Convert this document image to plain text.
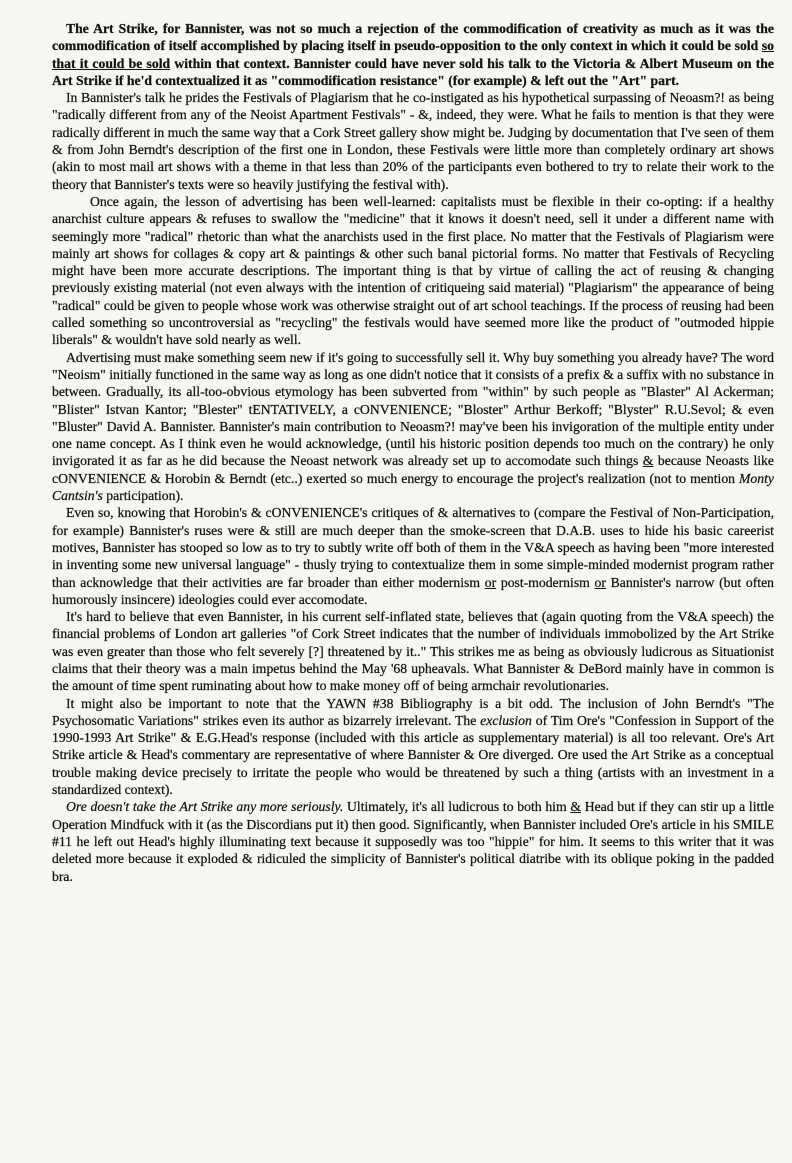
The Art Strike, for Bannister, was not so much a rejection of the commodification of creativity as much as it was the commodification of itself accomplished by placing itself in pseudo-opposition to the only context in which it could be sold so that it could be sold within that context. Bannister could have never sold his talk to the Victoria & Albert Museum on the Art Strike if he'd contextualized it as "commodification resistance" (for example) & left out the "Art" part.

In Bannister's talk he prides the Festivals of Plagiarism that he co-instigated as his hypothetical surpassing of Neoasm?! as being "radically different from any of the Neoist Apartment Festivals" - &, indeed, they were. What he fails to mention is that they were radically different in much the same way that a Cork Street gallery show might be. Judging by documentation that I've seen of them & from John Berndt's description of the first one in London, these Festivals were little more than completely ordinary art shows (akin to most mail art shows with a theme in that less than 20% of the participants even bothered to try to relate their work to the theory that Bannister's texts were so heavily justifying the festival with).

Once again, the lesson of advertising has been well-learned: capitalists must be flexible in their co-opting: if a healthy anarchist culture appears & refuses to swallow the "medicine" that it knows it doesn't need, sell it under a different name with seemingly more "radical" rhetoric than what the anarchists used in the first place. No matter that the Festivals of Plagiarism were mainly art shows for collages & copy art & paintings & other such banal pictorial forms. No matter that Festivals of Recycling might have been more accurate descriptions. The important thing is that by virtue of calling the act of reusing & changing previously existing material (not even always with the intention of critiqueing said material) "Plagiarism" the appearance of being "radical" could be given to people whose work was otherwise straight out of art school teachings. If the process of reusing had been called something so uncontroversial as "recycling" the festivals would have seemed more like the product of "outmoded hippie liberals" & wouldn't have sold nearly as well.

Advertising must make something seem new if it's going to successfully sell it. Why buy something you already have? The word "Neoism" initially functioned in the same way as long as one didn't notice that it consists of a prefix & a suffix with no substance in between. Gradually, its all-too-obvious etymology has been subverted from "within" by such people as "Blaster" Al Ackerman; "Blister" Istvan Kantor; "Blester" tENTATIVELY, a cONVENIENCE; "Bloster" Arthur Berkoff; "Blyster" R.U.Sevol; & even "Bluster" David A. Bannister. Bannister's main contribution to Neoasm?! may've been his invigoration of the multiple entity under one name concept. As I think even he would acknowledge, (until his historic position depends too much on the contrary) he only invigorated it as far as he did because the Neoast network was already set up to accomodate such things & because Neoasts like cONVENIENCE & Horobin & Berndt (etc..) exerted so much energy to encourage the project's realization (not to mention Monty Cantsin's participation).

Even so, knowing that Horobin's & cONVENIENCE's critiques of & alternatives to (compare the Festival of Non-Participation, for example) Bannister's ruses were & still are much deeper than the smoke-screen that D.A.B. uses to hide his basic careerist motives, Bannister has stooped so low as to try to subtly write off both of them in the V&A speech as having been "more interested in inventing some new universal language" - thusly trying to contextualize them in some simple-minded modernist program rather than acknowledge that their activities are far broader than either modernism or post-modernism or Bannister's narrow (but often humorously insincere) ideologies could ever accomodate.

It's hard to believe that even Bannister, in his current self-inflated state, believes that (again quoting from the V&A speech) the financial problems of London art galleries "of Cork Street indicates that the number of individuals immobolized by the Art Strike was even greater than those who felt severely [?] threatened by it.." This strikes me as being as obviously ludicrous as Situationist claims that their theory was a main impetus behind the May '68 upheavals. What Bannister & DeBord mainly have in common is the amount of time spent ruminating about how to make money off of being armchair revolutionaries.

It might also be important to note that the YAWN #38 Bibliography is a bit odd. The inclusion of John Berndt's "The Psychosomatic Variations" strikes even its author as bizarrely irrelevant. The exclusion of Tim Ore's "Confession in Support of the 1990-1993 Art Strike" & E.G.Head's response (included with this article as supplementary material) is all too relevant. Ore's Art Strike article & Head's commentary are representative of where Bannister & Ore diverged. Ore used the Art Strike as a conceptual trouble making device precisely to irritate the people who would be threatened by such a thing (artists with an investment in a standardized context).

Ore doesn't take the Art Strike any more seriously. Ultimately, it's all ludicrous to both him & Head but if they can stir up a little Operation Mindfuck with it (as the Discordians put it) then good. Significantly, when Bannister included Ore's article in his SMILE #11 he left out Head's highly illuminating text because it supposedly was too "hippie" for him. It seems to this writer that it was deleted more because it exploded & ridiculed the simplicity of Bannister's political diatribe with its oblique poking in the padded bra.
